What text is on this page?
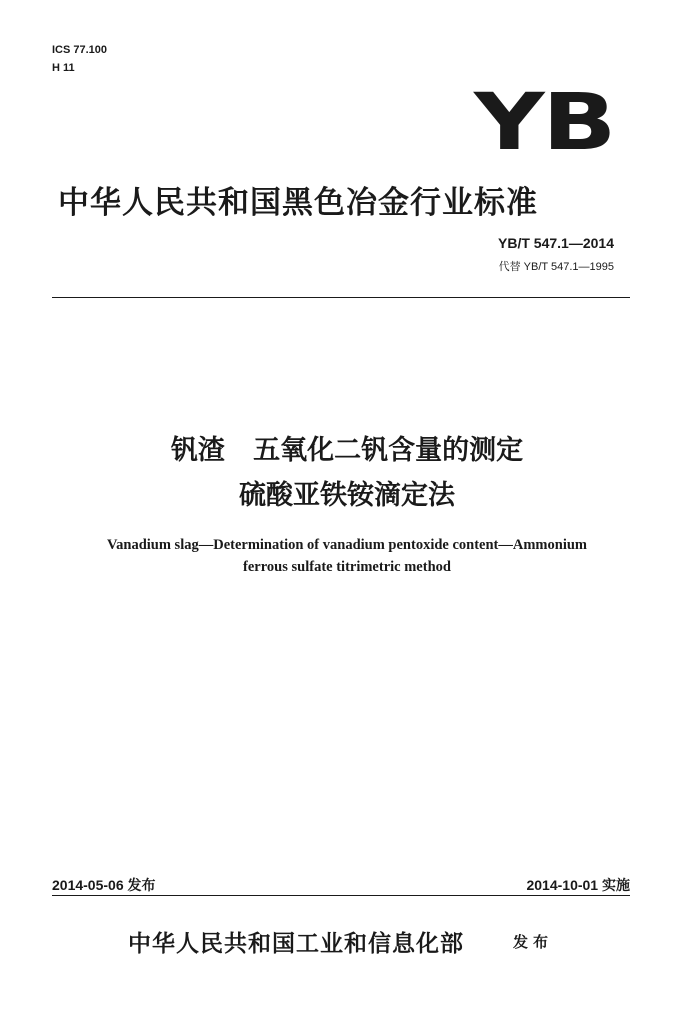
ICS 77.100
H 11
YB
中华人民共和国黑色冶金行业标准
YB/T 547.1—2014
代替 YB/T 547.1—1995
钒渣   五氧化二钒含量的测定
硫酸亚铁铵滴定法
Vanadium slag—Determination of vanadium pentoxide content—Ammonium
ferrous sulfate titrimetric method
2014-05-06 发布	2014-10-01 实施
中华人民共和国工业和信息化部	发布
